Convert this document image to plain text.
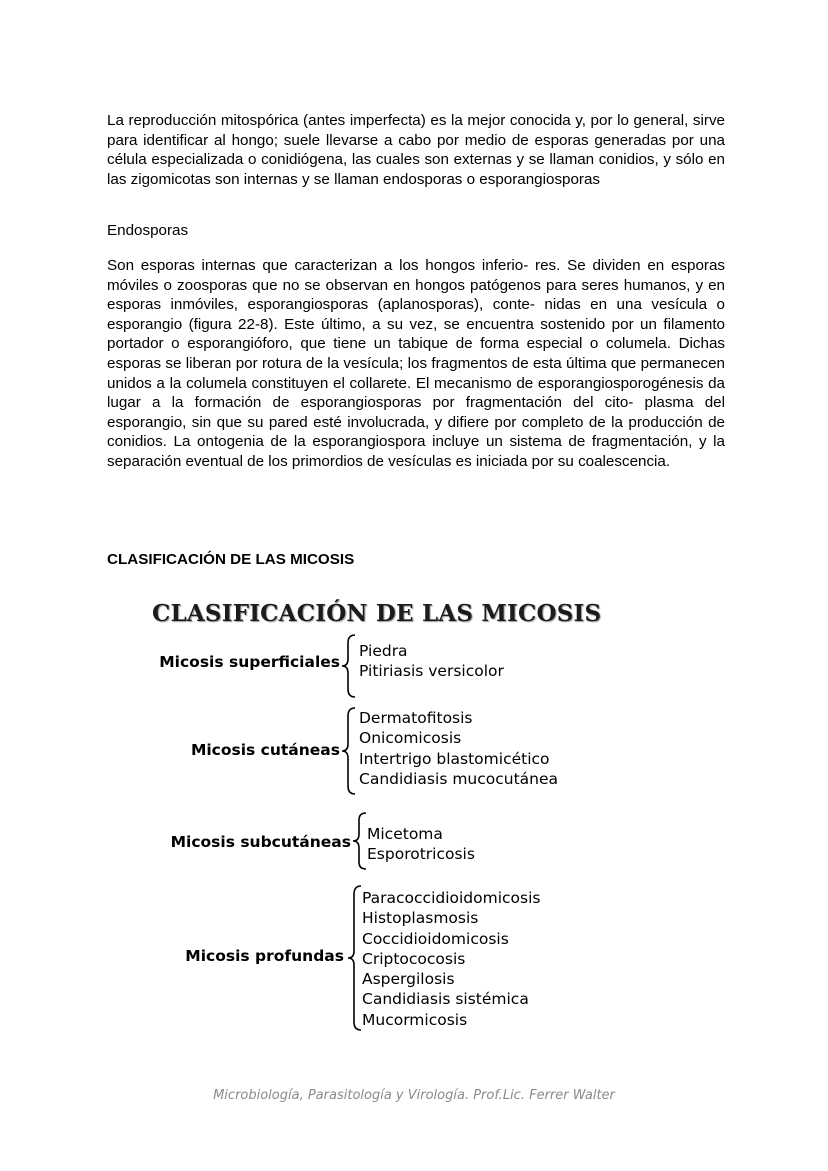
La reproducción mitospórica (antes imperfecta) es la mejor conocida y, por lo general, sirve para identificar al hongo; suele llevarse a cabo por medio de esporas generadas por una célula especializada o conidiógena, las cuales son externas y se llaman conidios, y sólo en las zigomicotas son internas y se llaman endosporas o esporangiosporas

Endosporas

Son esporas internas que caracterizan a los hongos inferio- res. Se dividen en esporas móviles o zoosporas que no se observan en hongos patógenos para seres humanos, y en esporas inmóviles, esporangiosporas (aplanosporas), conte- nidas en una vesícula o esporangio (figura 22-8). Este último, a su vez, se encuentra sostenido por un filamento portador o esporangióforo, que tiene un tabique de forma especial o columela. Dichas esporas se liberan por rotura de la vesícula; los fragmentos de esta última que permanecen unidos a la columela constituyen el collarete. El mecanismo de esporangiosporogénesis da lugar a la formación de esporangiosporas por fragmentación del cito- plasma del esporangio, sin que su pared esté involucrada, y difiere por completo de la producción de conidios. La ontogenia de la esporangiospora incluye un sistema de fragmentación, y la separación eventual de los primordios de vesículas es iniciada por su coalescencia.

CLASIFICACIÓN DE LAS MICOSIS

CLASIFICACIÓN DE LAS MICOSIS
Micosis superficiales
Piedra
Pitiriasis versicolor
Micosis cutáneas
Dermatofitosis
Onicomicosis
Intertrigo blastomicético
Candidiasis mucocutánea
Micosis subcutáneas Micetoma
Esporotricosis
Micosis profundas
Paracoccidioidomicosis
Histoplasmosis
Coccidioidomicosis
Criptococosis
Aspergilosis
Candidiasis sistémica
Mucormicosis
Microbiología, Parasitología y Virología. Prof.Lic. Ferrer Walter
